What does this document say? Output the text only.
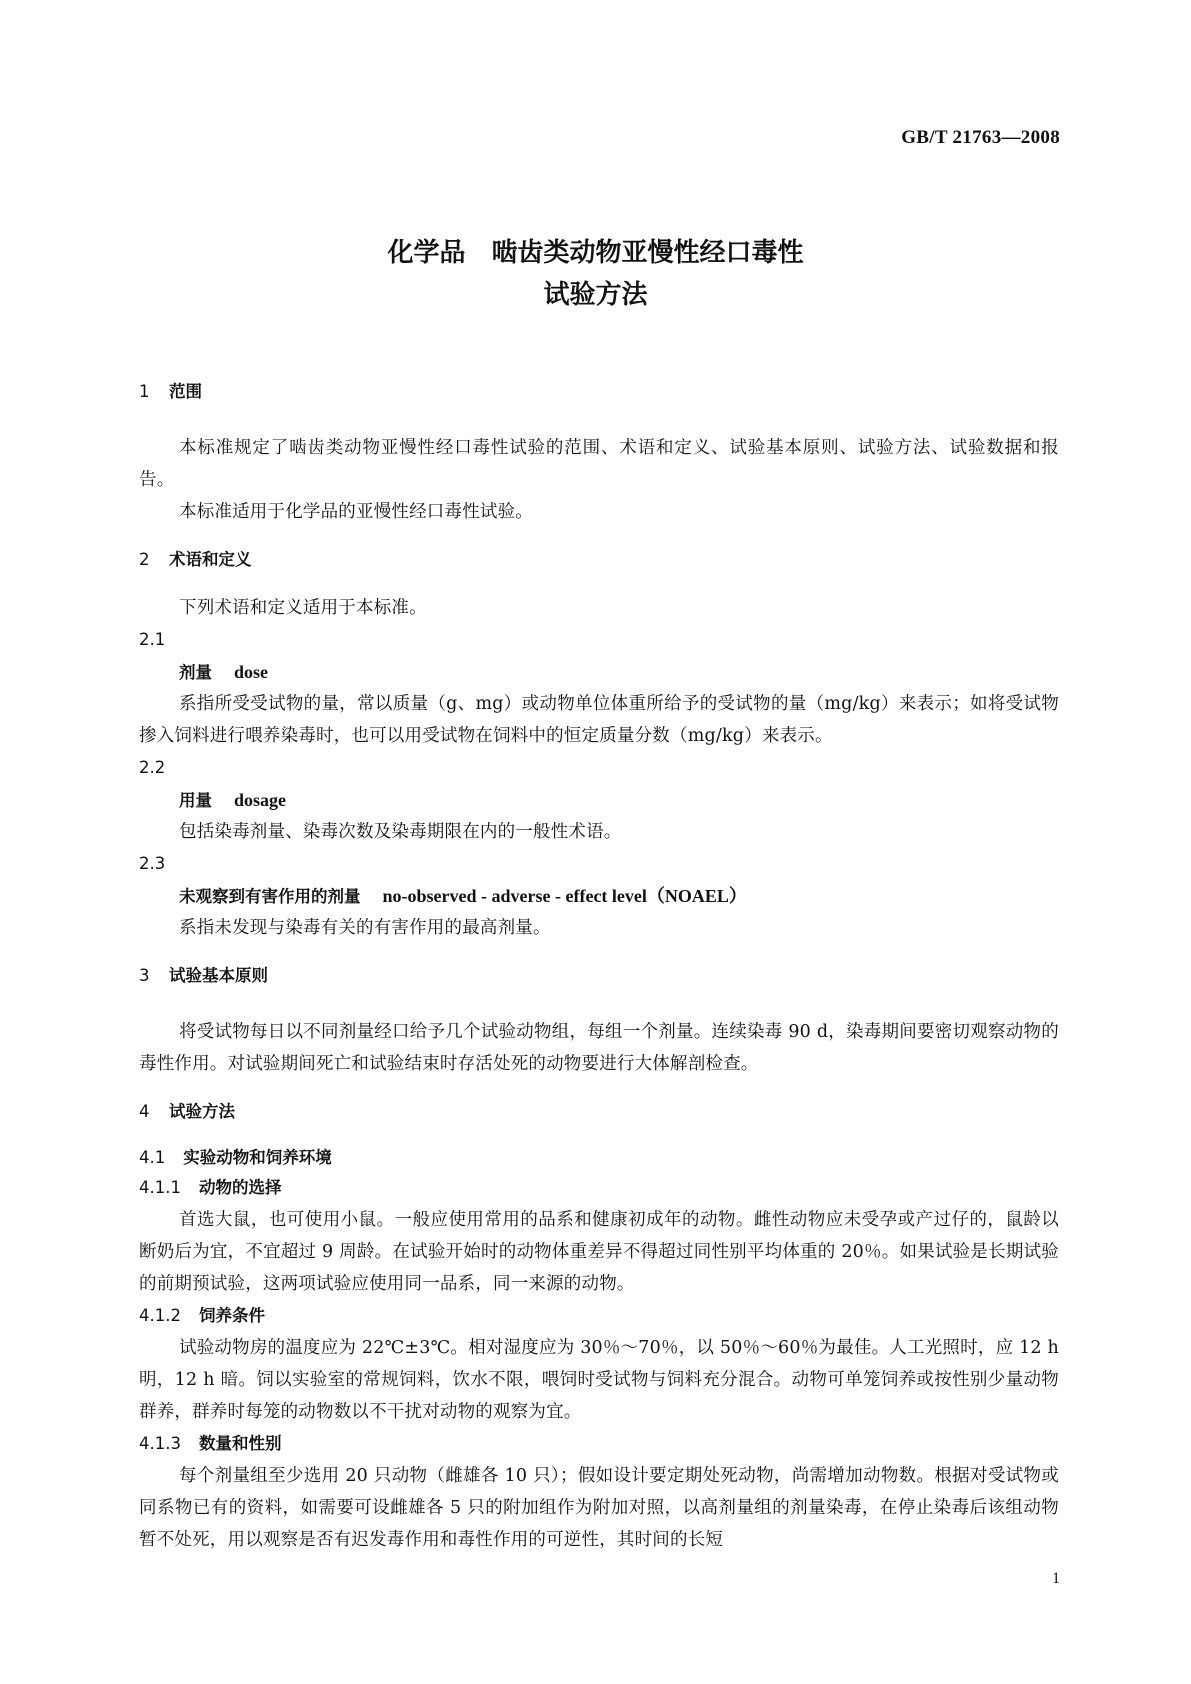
GB/T 21763—2008
化学品　啮齿类动物亚慢性经口毒性
试验方法
1 范围
本标准规定了啮齿类动物亚慢性经口毒性试验的范围、术语和定义、试验基本原则、试验方法、试验数据和报告。
本标准适用于化学品的亚慢性经口毒性试验。
2 术语和定义
下列术语和定义适用于本标准。
2.1
剂量 dose
系指所受受试物的量，常以质量（g、mg）或动物单位体重所给予的受试物的量（mg/kg）来表示；如将受试物掺入饲料进行喂养染毒时，也可以用受试物在饲料中的恒定质量分数（mg/kg）来表示。
2.2
用量 dosage
包括染毒剂量、染毒次数及染毒期限在内的一般性术语。
2.3
未观察到有害作用的剂量 no-observed - adverse - effect level（NOAEL）
系指未发现与染毒有关的有害作用的最高剂量。
3 试验基本原则
将受试物每日以不同剂量经口给予几个试验动物组，每组一个剂量。连续染毒 90 d，染毒期间要密切观察动物的毒性作用。对试验期间死亡和试验结束时存活处死的动物要进行大体解剖检查。
4 试验方法
4.1 实验动物和饲养环境
4.1.1 动物的选择
首选大鼠，也可使用小鼠。一般应使用常用的品系和健康初成年的动物。雌性动物应未受孕或产过仔的，鼠龄以断奶后为宜，不宜超过 9 周龄。在试验开始时的动物体重差异不得超过同性别平均体重的 20％。如果试验是长期试验的前期预试验，这两项试验应使用同一品系，同一来源的动物。
4.1.2 饲养条件
试验动物房的温度应为 22℃±3℃。相对湿度应为 30％～70％，以 50％～60％为最佳。人工光照时，应 12 h 明，12 h 暗。饲以实验室的常规饲料，饮水不限，喂饲时受试物与饲料充分混合。动物可单笼饲养或按性别少量动物群养，群养时每笼的动物数以不干扰对动物的观察为宜。
4.1.3 数量和性别
每个剂量组至少选用 20 只动物（雌雄各 10 只）；假如设计要定期处死动物，尚需增加动物数。根据对受试物或同系物已有的资料，如需要可设雌雄各 5 只的附加组作为附加对照，以高剂量组的剂量染毒，在停止染毒后该组动物暂不处死，用以观察是否有迟发毒作用和毒性作用的可逆性，其时间的长短
1
